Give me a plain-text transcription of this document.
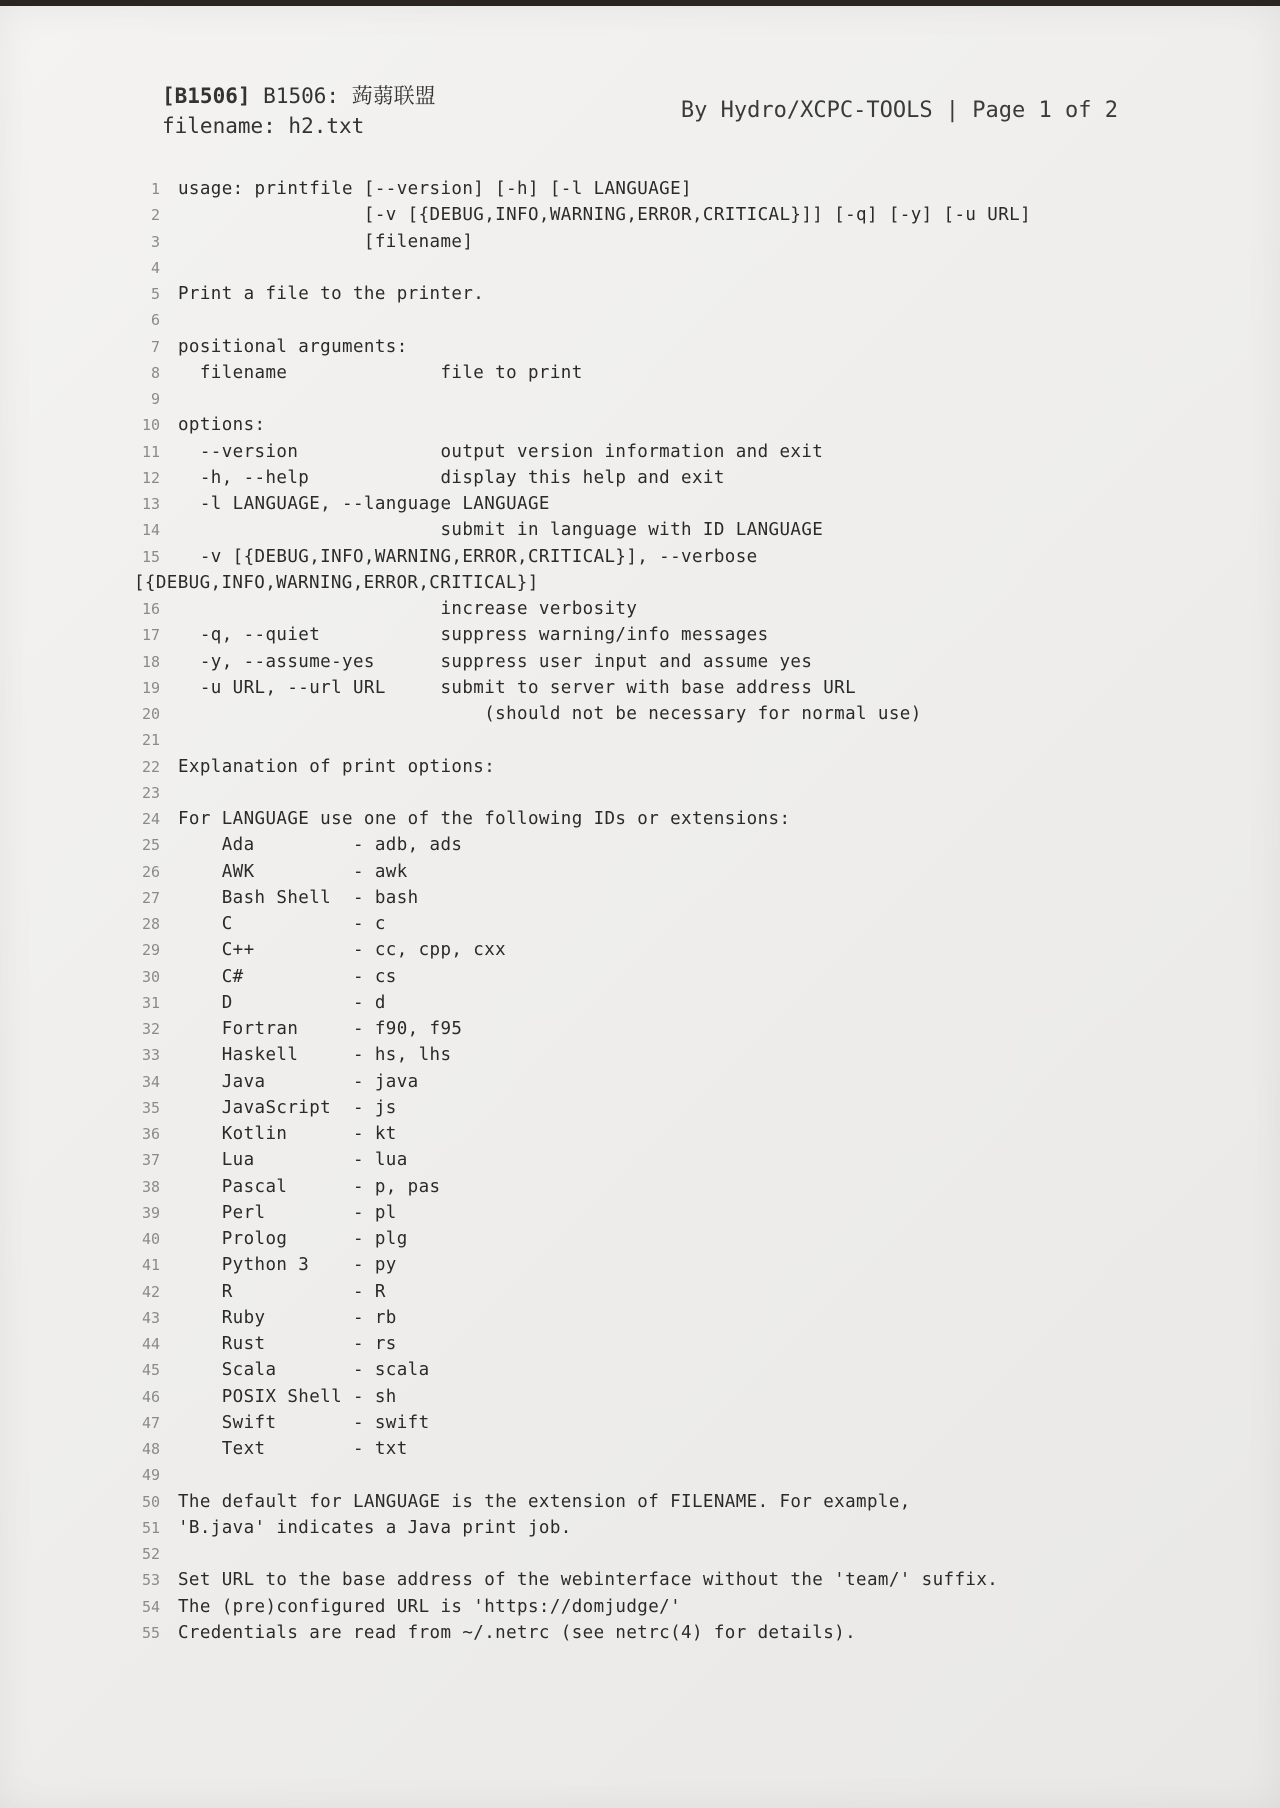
[B1506] B1506: 蒟蒻联盟
filename: h2.txt
By Hydro/XCPC-TOOLS | Page 1 of 2
1 usage: printfile [--version] [-h] [-l LANGUAGE]
2 [-v [{DEBUG,INFO,WARNING,ERROR,CRITICAL}]] [-q] [-y] [-u URL]
3 [filename]
4
5 Print a file to the printer.
6
7 positional arguments:
8 filename              file to print
9
10 options:
11 --version             output version information and exit
12 -h, --help            display this help and exit
13 -l LANGUAGE, --language LANGUAGE
14 submit in language with ID LANGUAGE
15 -v [{DEBUG,INFO,WARNING,ERROR,CRITICAL}], --verbose
[{DEBUG,INFO,WARNING,ERROR,CRITICAL}]
16 increase verbosity
17 -q, --quiet           suppress warning/info messages
18 -y, --assume-yes      suppress user input and assume yes
19 -u URL, --url URL     submit to server with base address URL
20 (should not be necessary for normal use)
21
22 Explanation of print options:
23
24 For LANGUAGE use one of the following IDs or extensions:
25 Ada         - adb, ads
26 AWK         - awk
27 Bash Shell  - bash
28 C           - c
29 C++         - cc, cpp, cxx
30 C#          - cs
31 D           - d
32 Fortran     - f90, f95
33 Haskell     - hs, lhs
34 Java        - java
35 JavaScript  - js
36 Kotlin      - kt
37 Lua         - lua
38 Pascal      - p, pas
39 Perl        - pl
40 Prolog      - plg
41 Python 3    - py
42 R           - R
43 Ruby        - rb
44 Rust        - rs
45 Scala       - scala
46 POSIX Shell - sh
47 Swift       - swift
48 Text        - txt
49
50 The default for LANGUAGE is the extension of FILENAME. For example,
51 'B.java' indicates a Java print job.
52
53 Set URL to the base address of the webinterface without the 'team/' suffix.
54 The (pre)configured URL is 'https://domjudge/'
55 Credentials are read from ~/.netrc (see netrc(4) for details).
